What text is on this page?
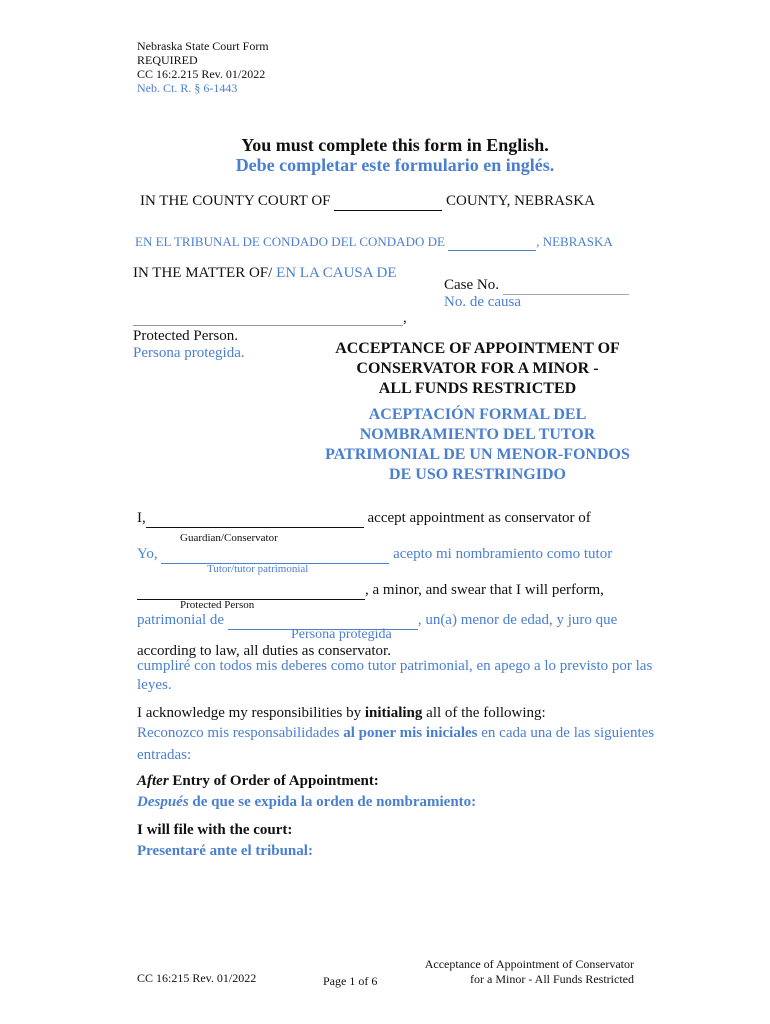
Nebraska State Court Form
REQUIRED
CC 16:2.215 Rev. 01/2022
Neb. Ct. R. § 6-1443
You must complete this form in English.
Debe completar este formulario en inglés.
IN THE COUNTY COURT OF	COUNTY, NEBRASKA
EN EL TRIBUNAL DE CONDADO DEL CONDADO DE	, NEBRASKA
IN THE MATTER OF/ EN LA CAUSA DE
Case No.
No. de causa
,
Protected Person.
Persona protegida.	ACCEPTANCE OF APPOINTMENT OF
CONSERVATOR FOR A MINOR -
ALL FUNDS RESTRICTED
ACEPTACIÓN FORMAL DEL
NOMBRAMIENTO DEL TUTOR
PATRIMONIAL DE UN MENOR-FONDOS
DE USO RESTRINGIDO
I,	accept appointment as conservator of
Guardian/Conservator
Yo,	acepto mi nombramiento como tutor
Tutor/tutor patrimonial
, a minor, and swear that I will perform,
Protected Person
patrimonial de	, un(a) menor de edad, y juro que
Persona protegida
according to law, all duties as conservator.
cumpliré con todos mis deberes como tutor patrimonial, en apego a lo previsto por las
leyes.
I acknowledge my responsibilities by initialing all of the following:
Reconozco mis responsabilidades al poner mis iniciales en cada una de las siguientes
entradas:
After Entry of Order of Appointment:
Después de que se expida la orden de nombramiento:
I will file with the court:
Presentaré ante el tribunal:
CC 16:215 Rev. 01/2022	Page 1 of 6
Acceptance of Appointment of Conservator
for a Minor - All Funds Restricted
